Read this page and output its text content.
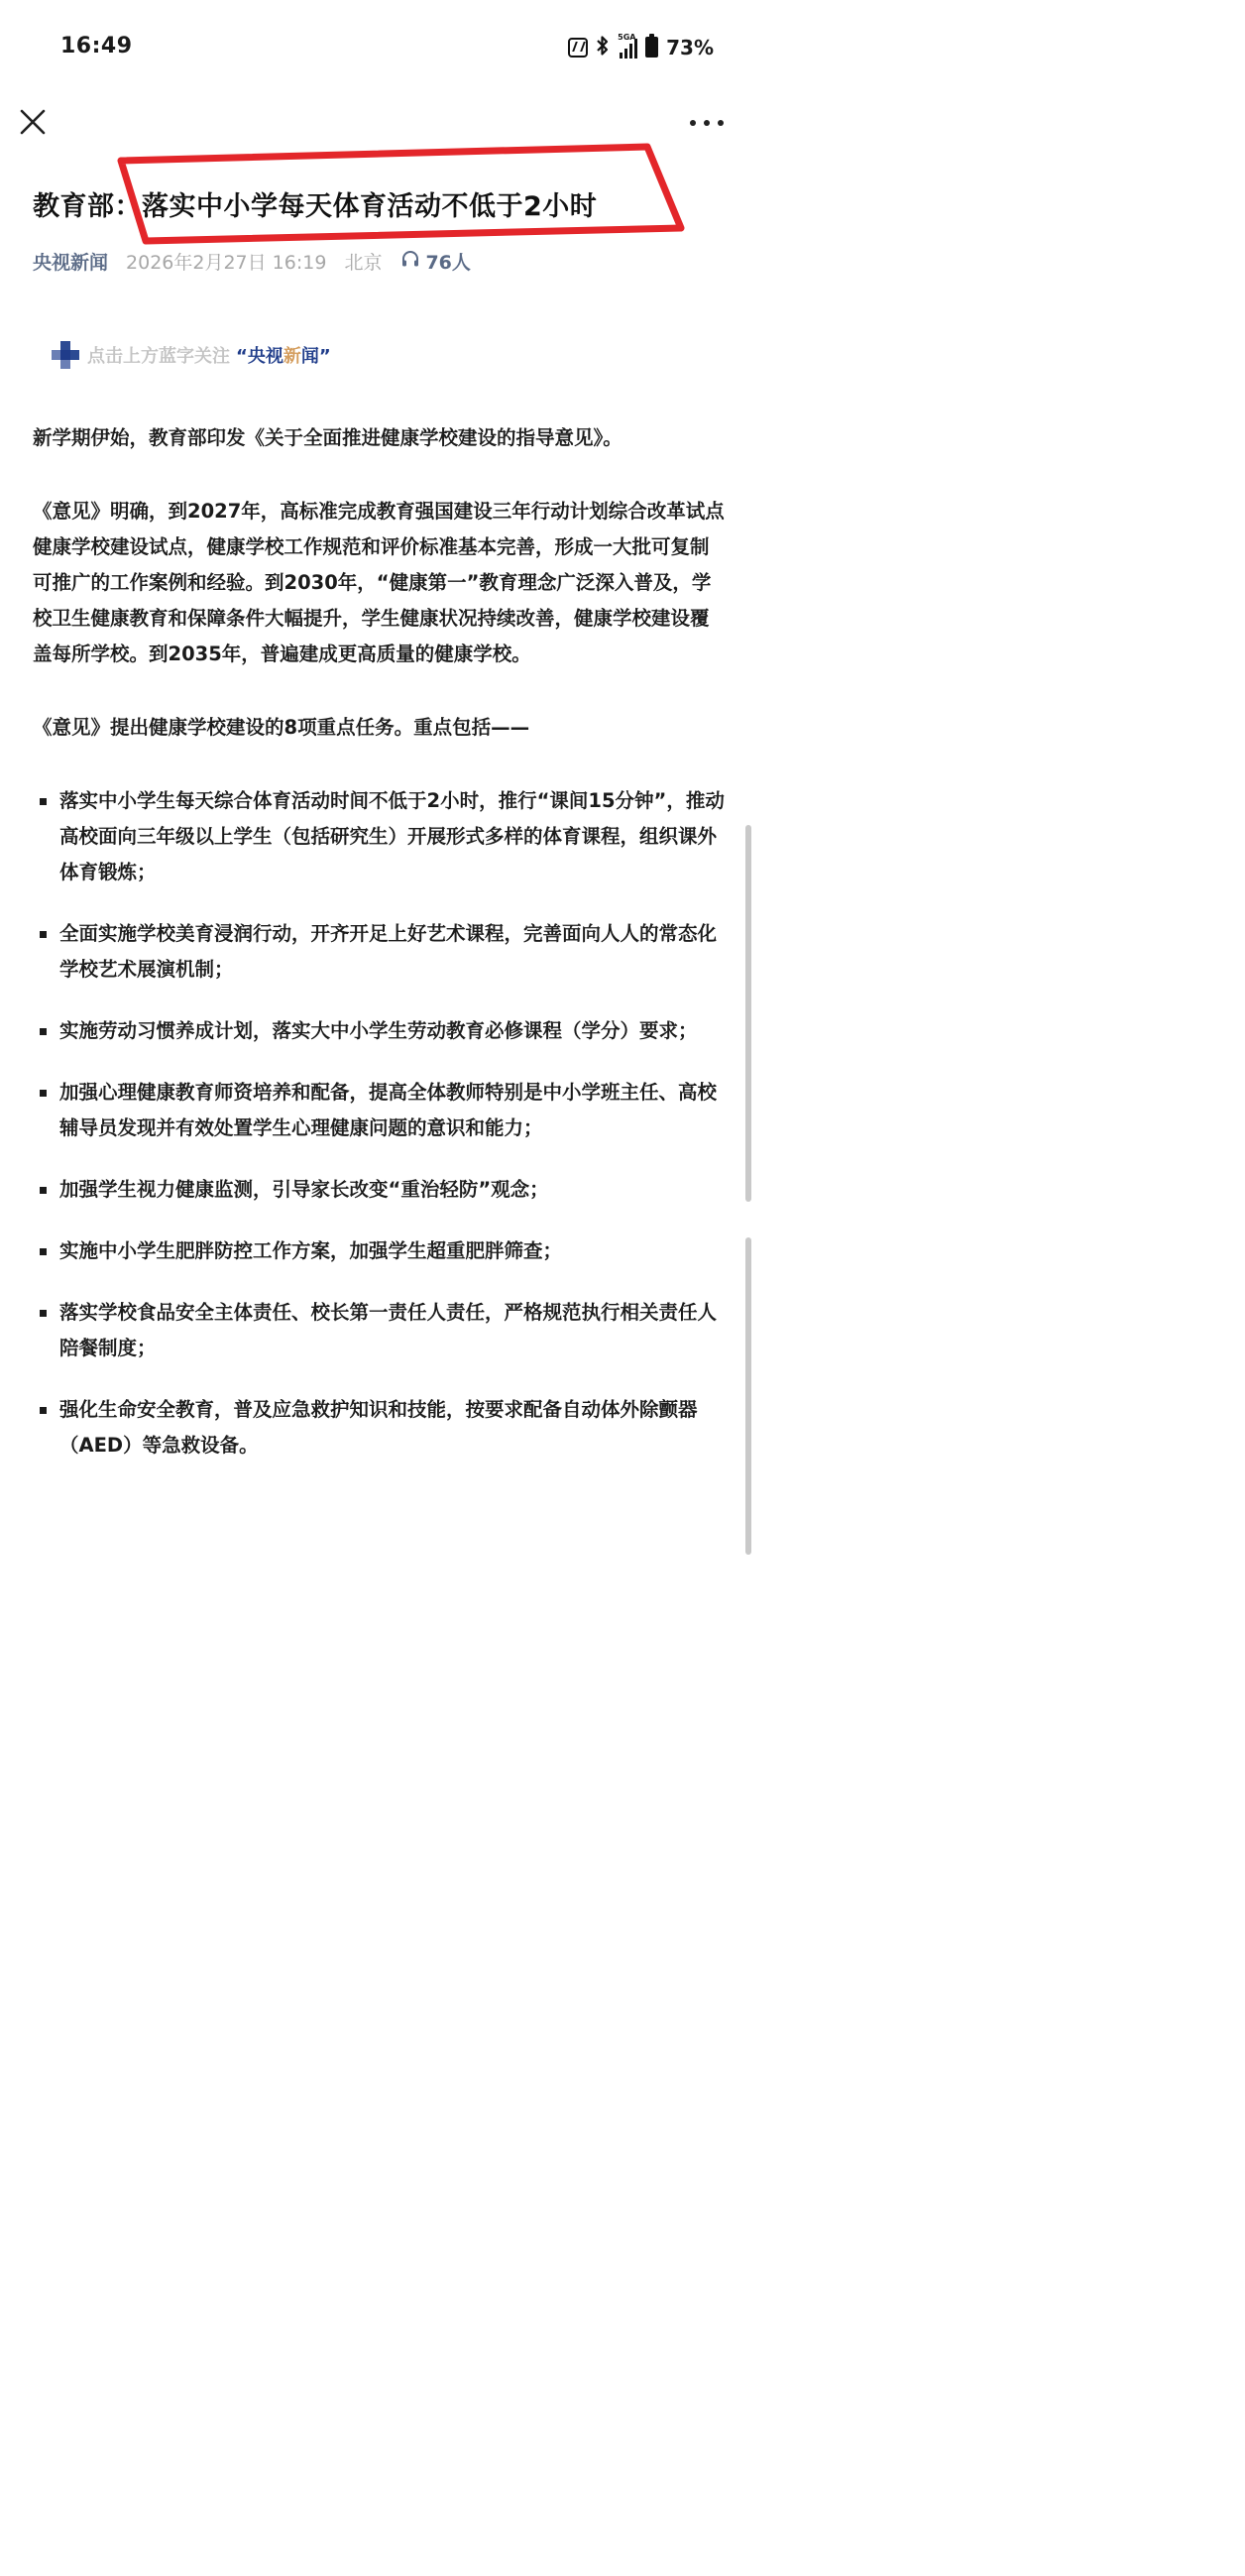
16:49	5GA 73%
教育部：落实中小学每天体育活动不低于2小时
央视新闻 2026年2月27日 16:19 北京 76人
点击上方蓝字关注 “央视新闻”

新学期伊始，教育部印发《关于全面推进健康学校建设的指导意见》。

《意见》明确，到2027年，高标准完成教育强国建设三年行动计划综合改革试点健康学校建设试点，健康学校工作规范和评价标准基本完善，形成一大批可复制可推广的工作案例和经验。到2030年，“健康第一”教育理念广泛深入普及，学校卫生健康教育和保障条件大幅提升，学生健康状况持续改善，健康学校建设覆盖每所学校。到2035年，普遍建成更高质量的健康学校。

《意见》提出健康学校建设的8项重点任务。重点包括——

落实中小学生每天综合体育活动时间不低于2小时，推行“课间15分钟”，推动高校面向三年级以上学生（包括研究生）开展形式多样的体育课程，组织课外体育锻炼；
全面实施学校美育浸润行动，开齐开足上好艺术课程，完善面向人人的常态化学校艺术展演机制；
实施劳动习惯养成计划，落实大中小学生劳动教育必修课程（学分）要求；
加强心理健康教育师资培养和配备，提高全体教师特别是中小学班主任、高校辅导员发现并有效处置学生心理健康问题的意识和能力；
加强学生视力健康监测，引导家长改变“重治轻防”观念；
实施中小学生肥胖防控工作方案，加强学生超重肥胖筛查；
落实学校食品安全主体责任、校长第一责任人责任，严格规范执行相关责任人陪餐制度；
强化生命安全教育，普及应急救护知识和技能，按要求配备自动体外除颤器（AED）等急救设备。
